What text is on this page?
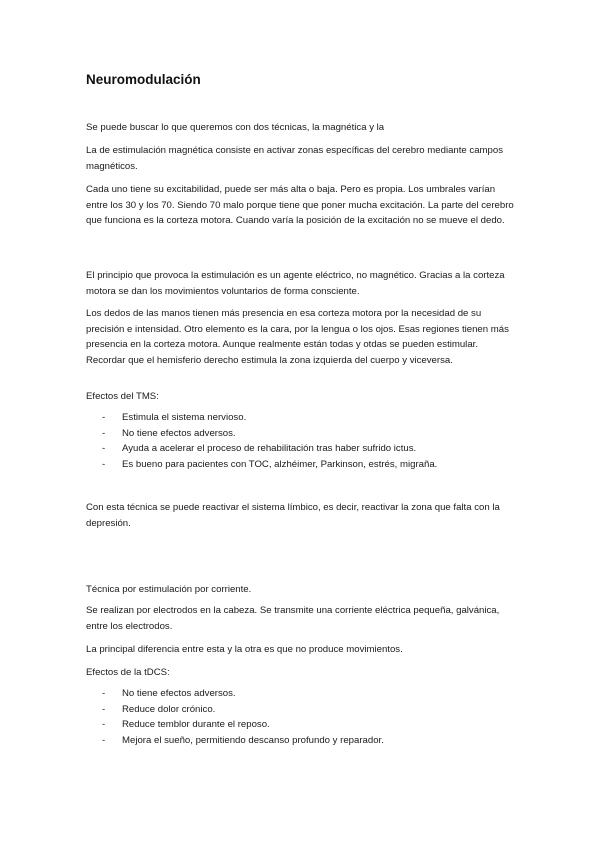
Neuromodulación

Se puede buscar lo que queremos con dos técnicas, la magnética y la

La de estimulación magnética consiste en activar zonas específicas del cerebro mediante campos magnéticos.

Cada uno tiene su excitabilidad, puede ser más alta o baja. Pero es propia. Los umbrales varían entre los 30 y los 70. Siendo 70 malo porque tiene que poner mucha excitación. La parte del cerebro que funciona es la corteza motora. Cuando varía la posición de la excitación no se mueve el dedo.

El principio que provoca la estimulación es un agente eléctrico, no magnético. Gracias a la corteza motora se dan los movimientos voluntarios de forma consciente.

Los dedos de las manos tienen más presencia en esa corteza motora por la necesidad de su precisión e intensidad. Otro elemento es la cara, por la lengua o los ojos. Esas regiones tienen más presencia en la corteza motora. Aunque realmente están todas y otdas se pueden estimular. Recordar que el hemisferio derecho estimula la zona izquierda del cuerpo y viceversa.

Efectos del TMS:

- Estimula el sistema nervioso.
- No tiene efectos adversos.
- Ayuda a acelerar el proceso de rehabilitación tras haber sufrido ictus.
- Es bueno para pacientes con TOC, alzhéimer, Parkinson, estrés, migraña.

Con esta técnica se puede reactivar el sistema límbico, es decir, reactivar la zona que falta con la depresión.

Técnica por estimulación por corriente.

Se realizan por electrodos en la cabeza. Se transmite una corriente eléctrica pequeña, galvánica, entre los electrodos.

La principal diferencia entre esta y la otra es que no produce movimientos.

Efectos de la tDCS:

- No tiene efectos adversos.
- Reduce dolor crónico.
- Reduce temblor durante el reposo.
- Mejora el sueño, permitiendo descanso profundo y reparador.
